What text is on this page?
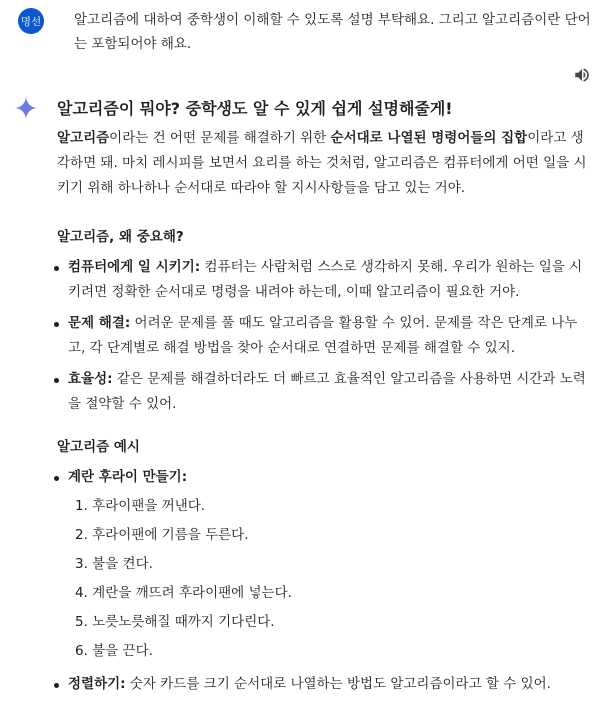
명선 알고리즘에 대하여 중학생이 이해할 수 있도록 설명 부탁해요. 그리고 알고리즘이란 단어는 포함되어야 해요.
알고리즘이 뭐야? 중학생도 알 수 있게 쉽게 설명해줄게!

알고리즘이라는 건 어떤 문제를 해결하기 위한 순서대로 나열된 명령어들의 집합이라고 생각하면 돼. 마치 레시피를 보면서 요리를 하는 것처럼, 알고리즘은 컴퓨터에게 어떤 일을 시키기 위해 하나하나 순서대로 따라야 할 지시사항들을 담고 있는 거야.

알고리즘, 왜 중요해?
컴퓨터에게 일 시키기: 컴퓨터는 사람처럼 스스로 생각하지 못해. 우리가 원하는 일을 시키려면 정확한 순서대로 명령을 내려야 하는데, 이때 알고리즘이 필요한 거야.
문제 해결: 어려운 문제를 풀 때도 알고리즘을 활용할 수 있어. 문제를 작은 단계로 나누고, 각 단계별로 해결 방법을 찾아 순서대로 연결하면 문제를 해결할 수 있지.
효율성: 같은 문제를 해결하더라도 더 빠르고 효율적인 알고리즘을 사용하면 시간과 노력을 절약할 수 있어.
알고리즘 예시
계란 후라이 만들기:
1. 후라이팬을 꺼낸다.
2. 후라이팬에 기름을 두른다.
3. 불을 켠다.
4. 계란을 깨뜨려 후라이팬에 넣는다.
5. 노릇노릇해질 때까지 기다린다.
6. 불을 끈다.
정렬하기: 숫자 카드를 크기 순서대로 나열하는 방법도 알고리즘이라고 할 수 있어.
